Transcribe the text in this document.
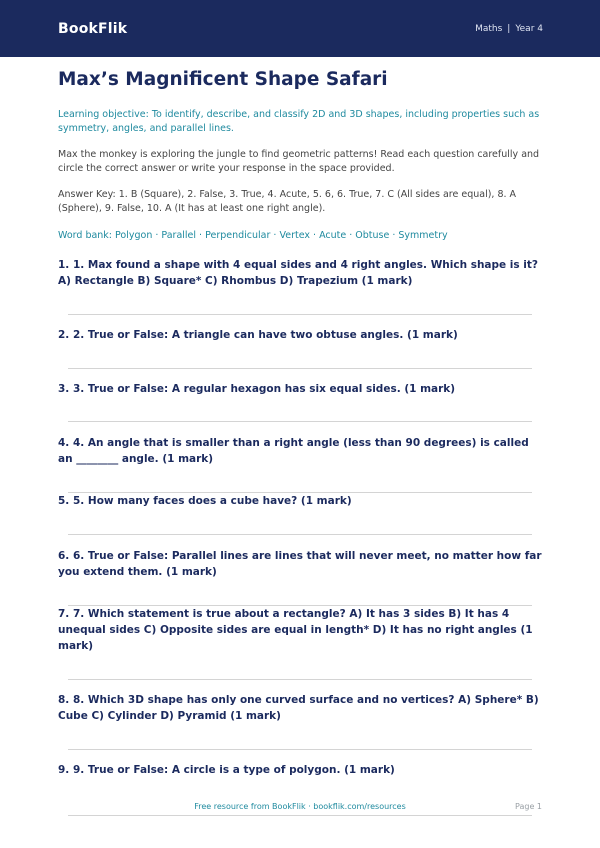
BookFlik	Maths | Year 4
Max’s Magnificent Shape Safari
Learning objective: To identify, describe, and classify 2D and 3D shapes, including properties such as symmetry, angles, and parallel lines.
Max the monkey is exploring the jungle to find geometric patterns! Read each question carefully and circle the correct answer or write your response in the space provided.
Answer Key: 1. B (Square), 2. False, 3. True, 4. Acute, 5. 6, 6. True, 7. C (All sides are equal), 8. A (Sphere), 9. False, 10. A (It has at least one right angle).
Word bank: Polygon · Parallel · Perpendicular · Vertex · Acute · Obtuse · Symmetry
1. 1. Max found a shape with 4 equal sides and 4 right angles. Which shape is it? A) Rectangle B) Square* C) Rhombus D) Trapezium (1 mark)
2. 2. True or False: A triangle can have two obtuse angles. (1 mark)
3. 3. True or False: A regular hexagon has six equal sides. (1 mark)
4. 4. An angle that is smaller than a right angle (less than 90 degrees) is called an ________ angle. (1 mark)
5. 5. How many faces does a cube have? (1 mark)
6. 6. True or False: Parallel lines are lines that will never meet, no matter how far you extend them. (1 mark)
7. 7. Which statement is true about a rectangle? A) It has 3 sides B) It has 4 unequal sides C) Opposite sides are equal in length* D) It has no right angles (1 mark)
8. 8. Which 3D shape has only one curved surface and no vertices? A) Sphere* B) Cube C) Cylinder D) Pyramid (1 mark)
9. 9. True or False: A circle is a type of polygon. (1 mark)
Free resource from BookFlik · bookflik.com/resources	Page 1
